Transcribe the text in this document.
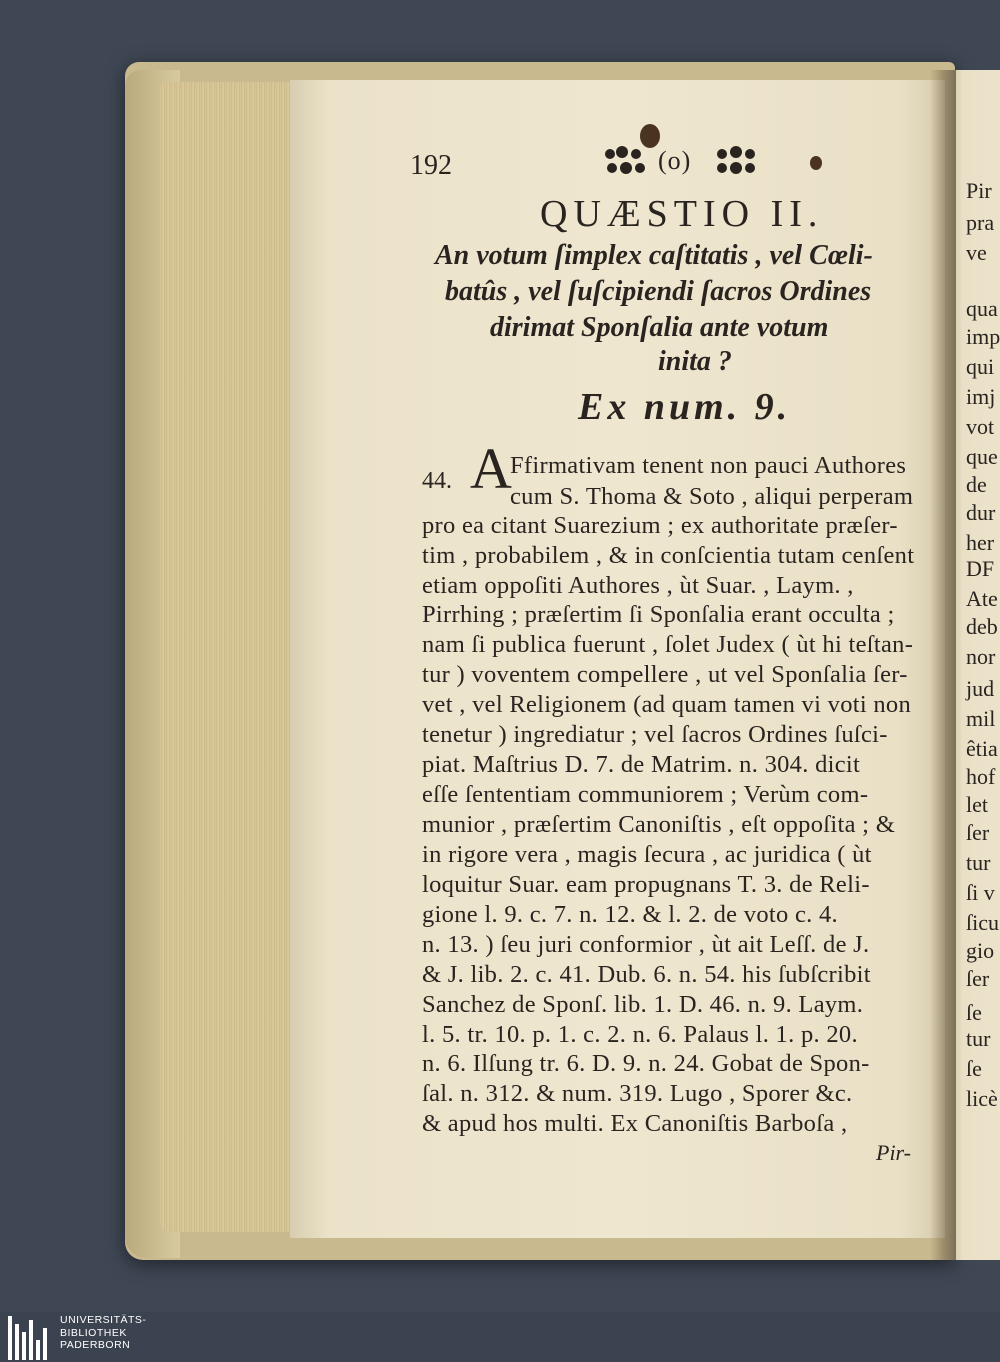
192	(o)
QUÆSTIO II.
An votum ſimplex caſtitatis , vel Cœli-
batûs , vel ſuſcipiendi ſacros Ordines
dirimat Sponſalia ante votum
inita ?
Ex num. 9.
44. A
Ffirmativam tenent non pauci Authores
cum S. Thoma & Soto , aliqui perperam
pro ea citant Suarezium ; ex authoritate præſer-
tim , probabilem , & in conſcientia tutam cenſent
etiam oppoſiti Authores , ùt Suar. , Laym. ,
Pirrhing ; præſertim ſi Sponſalia erant occulta ;
nam ſi publica fuerunt , ſolet Judex ( ùt hi teſtan-
tur ) voventem compellere , ut vel Sponſalia ſer-
vet , vel Religionem (ad quam tamen vi voti non
tenetur ) ingrediatur ; vel ſacros Ordines ſuſci-
piat. Maſtrius D. 7. de Matrim. n. 304. dicit
eſſe ſententiam communiorem ; Verùm com-
munior , præſertim Canoniſtis , eſt oppoſita ; &
in rigore vera , magis ſecura , ac juridica ( ùt
loquitur Suar. eam propugnans T. 3. de Reli-
gione l. 9. c. 7. n. 12. & l. 2. de voto c. 4.
n. 13. ) ſeu juri conformior , ùt ait Leſſ. de J.
& J. lib. 2. c. 41. Dub. 6. n. 54. his ſubſcribit
Sanchez de Sponſ. lib. 1. D. 46. n. 9. Laym.
l. 5. tr. 10. p. 1. c. 2. n. 6. Palaus l. 1. p. 20.
n. 6. Ilſung tr. 6. D. 9. n. 24. Gobat de Spon-
ſal. n. 312. & num. 319. Lugo , Sporer &c.
& apud hos multi. Ex Canoniſtis Barboſa ,
Pir-
Pir
pra
ve
qua
imp
qui
imj
vot
que
de
dur
her
DF
Ate
deb
nor
jud
mil
êtia
hof
let
ſer
tur
ſi v
ſicu
gio
ſer
ſe
tur
ſe
licè
UNIVERSITÄTS-
BIBLIOTHEK
PADERBORN
